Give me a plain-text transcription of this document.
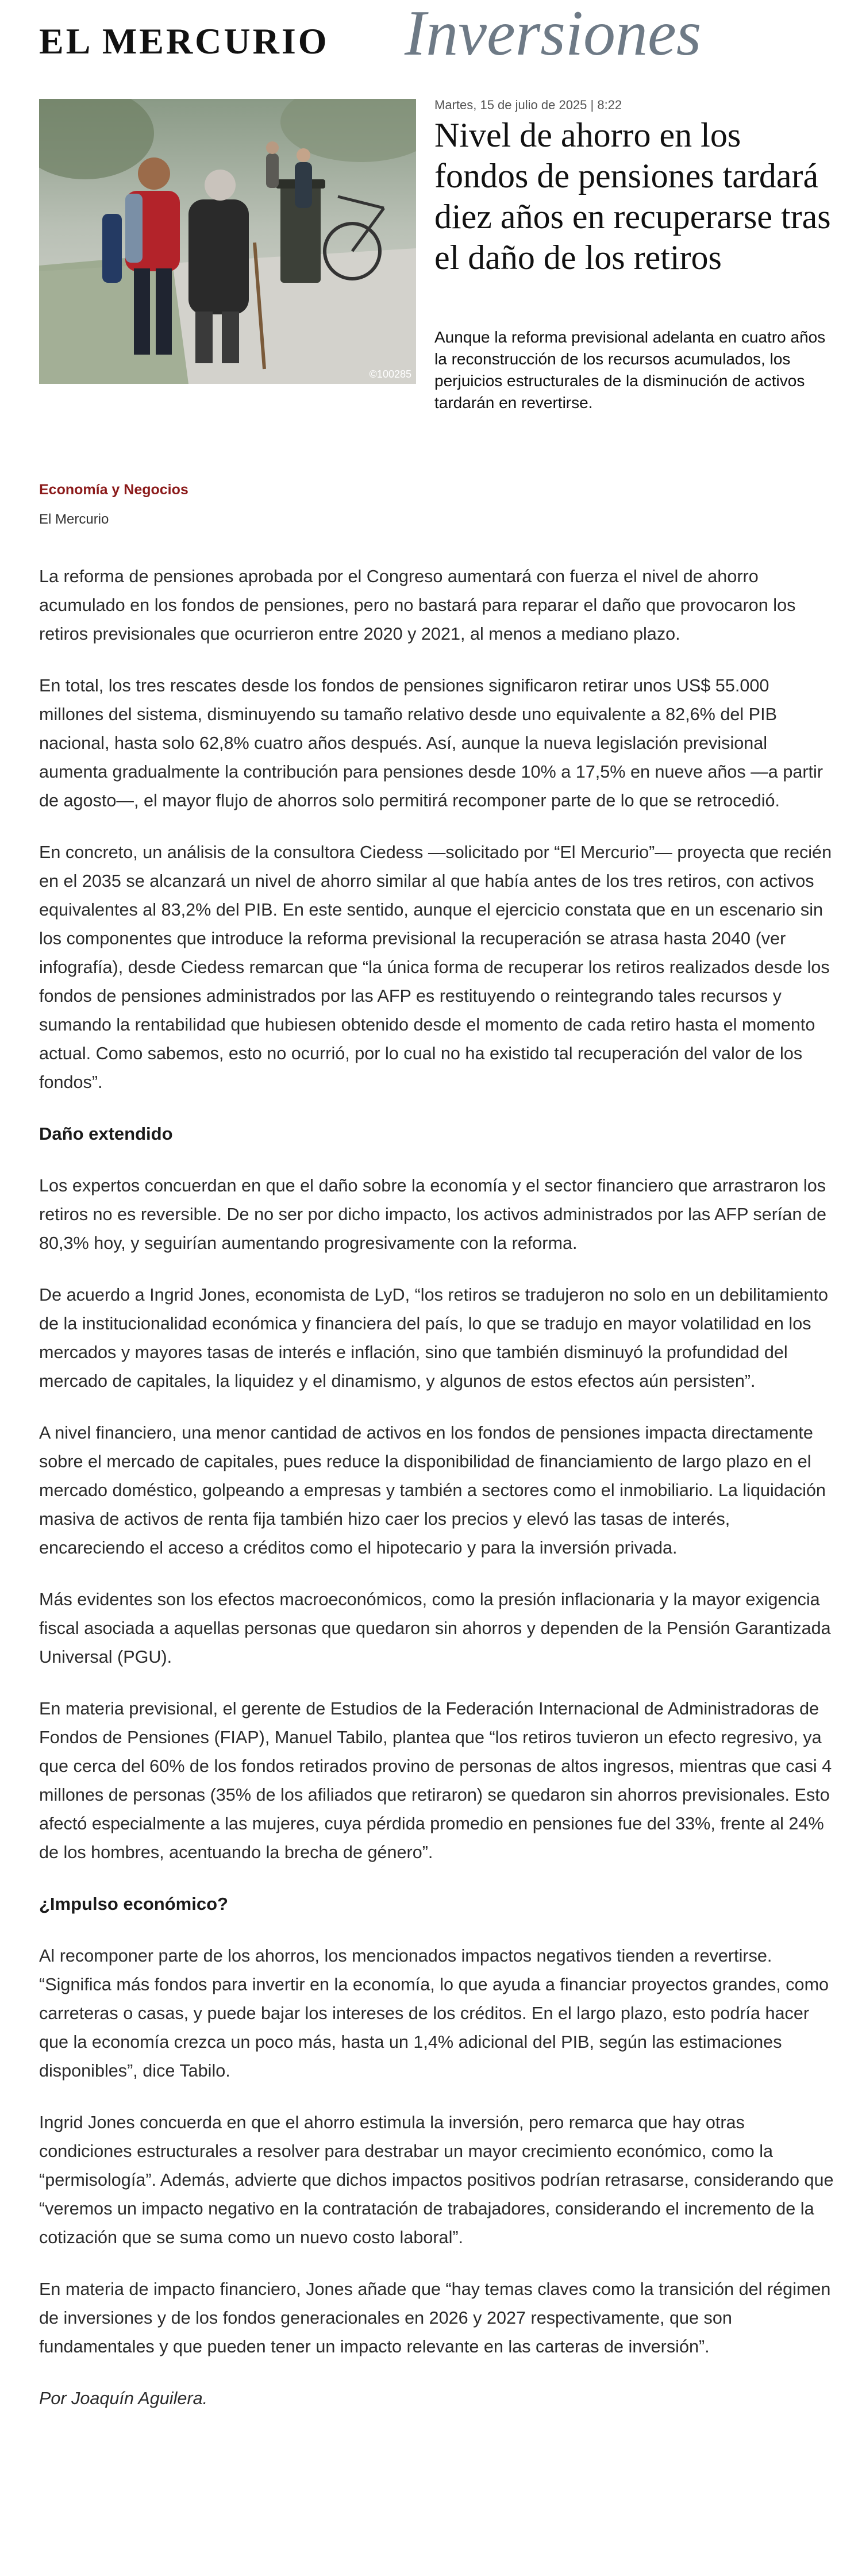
EL MERCURIO Inversiones
©100285
Martes, 15 de julio de 2025 | 8:22
Nivel de ahorro en los fondos de pensiones tardará diez años en recuperarse tras el daño de los retiros

Aunque la reforma previsional adelanta en cuatro años la reconstrucción de los recursos acumulados, los perjuicios estructurales de la disminución de activos tardarán en revertirse.

Economía y Negocios
El Mercurio

La reforma de pensiones aprobada por el Congreso aumentará con fuerza el nivel de ahorro acumulado en los fondos de pensiones, pero no bastará para reparar el daño que provocaron los retiros previsionales que ocurrieron entre 2020 y 2021, al menos a mediano plazo.

En total, los tres rescates desde los fondos de pensiones significaron retirar unos US$ 55.000 millones del sistema, disminuyendo su tamaño relativo desde uno equivalente a 82,6% del PIB nacional, hasta solo 62,8% cuatro años después. Así, aunque la nueva legislación previsional aumenta gradualmente la contribución para pensiones desde 10% a 17,5% en nueve años —a partir de agosto—, el mayor flujo de ahorros solo permitirá recomponer parte de lo que se retrocedió.

En concreto, un análisis de la consultora Ciedess —solicitado por “El Mercurio”— proyecta que recién en el 2035 se alcanzará un nivel de ahorro similar al que había antes de los tres retiros, con activos equivalentes al 83,2% del PIB. En este sentido, aunque el ejercicio constata que en un escenario sin los componentes que introduce la reforma previsional la recuperación se atrasa hasta 2040 (ver infografía), desde Ciedess remarcan que “la única forma de recuperar los retiros realizados desde los fondos de pensiones administrados por las AFP es restituyendo o reintegrando tales recursos y sumando la rentabilidad que hubiesen obtenido desde el momento de cada retiro hasta el momento actual. Como sabemos, esto no ocurrió, por lo cual no ha existido tal recuperación del valor de los fondos”.

Daño extendido

Los expertos concuerdan en que el daño sobre la economía y el sector financiero que arrastraron los retiros no es reversible. De no ser por dicho impacto, los activos administrados por las AFP serían de 80,3% hoy, y seguirían aumentando progresivamente con la reforma.

De acuerdo a Ingrid Jones, economista de LyD, “los retiros se tradujeron no solo en un debilitamiento de la institucionalidad económica y financiera del país, lo que se tradujo en mayor volatilidad en los mercados y mayores tasas de interés e inflación, sino que también disminuyó la profundidad del mercado de capitales, la liquidez y el dinamismo, y algunos de estos efectos aún persisten”.

A nivel financiero, una menor cantidad de activos en los fondos de pensiones impacta directamente sobre el mercado de capitales, pues reduce la disponibilidad de financiamiento de largo plazo en el mercado doméstico, golpeando a empresas y también a sectores como el inmobiliario. La liquidación masiva de activos de renta fija también hizo caer los precios y elevó las tasas de interés, encareciendo el acceso a créditos como el hipotecario y para la inversión privada.

Más evidentes son los efectos macroeconómicos, como la presión inflacionaria y la mayor exigencia fiscal asociada a aquellas personas que quedaron sin ahorros y dependen de la Pensión Garantizada Universal (PGU).

En materia previsional, el gerente de Estudios de la Federación Internacional de Administradoras de Fondos de Pensiones (FIAP), Manuel Tabilo, plantea que “los retiros tuvieron un efecto regresivo, ya que cerca del 60% de los fondos retirados provino de personas de altos ingresos, mientras que casi 4 millones de personas (35% de los afiliados que retiraron) se quedaron sin ahorros previsionales. Esto afectó especialmente a las mujeres, cuya pérdida promedio en pensiones fue del 33%, frente al 24% de los hombres, acentuando la brecha de género”.

¿Impulso económico?

Al recomponer parte de los ahorros, los mencionados impactos negativos tienden a revertirse. “Significa más fondos para invertir en la economía, lo que ayuda a financiar proyectos grandes, como carreteras o casas, y puede bajar los intereses de los créditos. En el largo plazo, esto podría hacer que la economía crezca un poco más, hasta un 1,4% adicional del PIB, según las estimaciones disponibles”, dice Tabilo.

Ingrid Jones concuerda en que el ahorro estimula la inversión, pero remarca que hay otras condiciones estructurales a resolver para destrabar un mayor crecimiento económico, como la “permisología”. Además, advierte que dichos impactos positivos podrían retrasarse, considerando que “veremos un impacto negativo en la contratación de trabajadores, considerando el incremento de la cotización que se suma como un nuevo costo laboral”.

En materia de impacto financiero, Jones añade que “hay temas claves como la transición del régimen de inversiones y de los fondos generacionales en 2026 y 2027 respectivamente, que son fundamentales y que pueden tener un impacto relevante en las carteras de inversión”.

Por Joaquín Aguilera.
